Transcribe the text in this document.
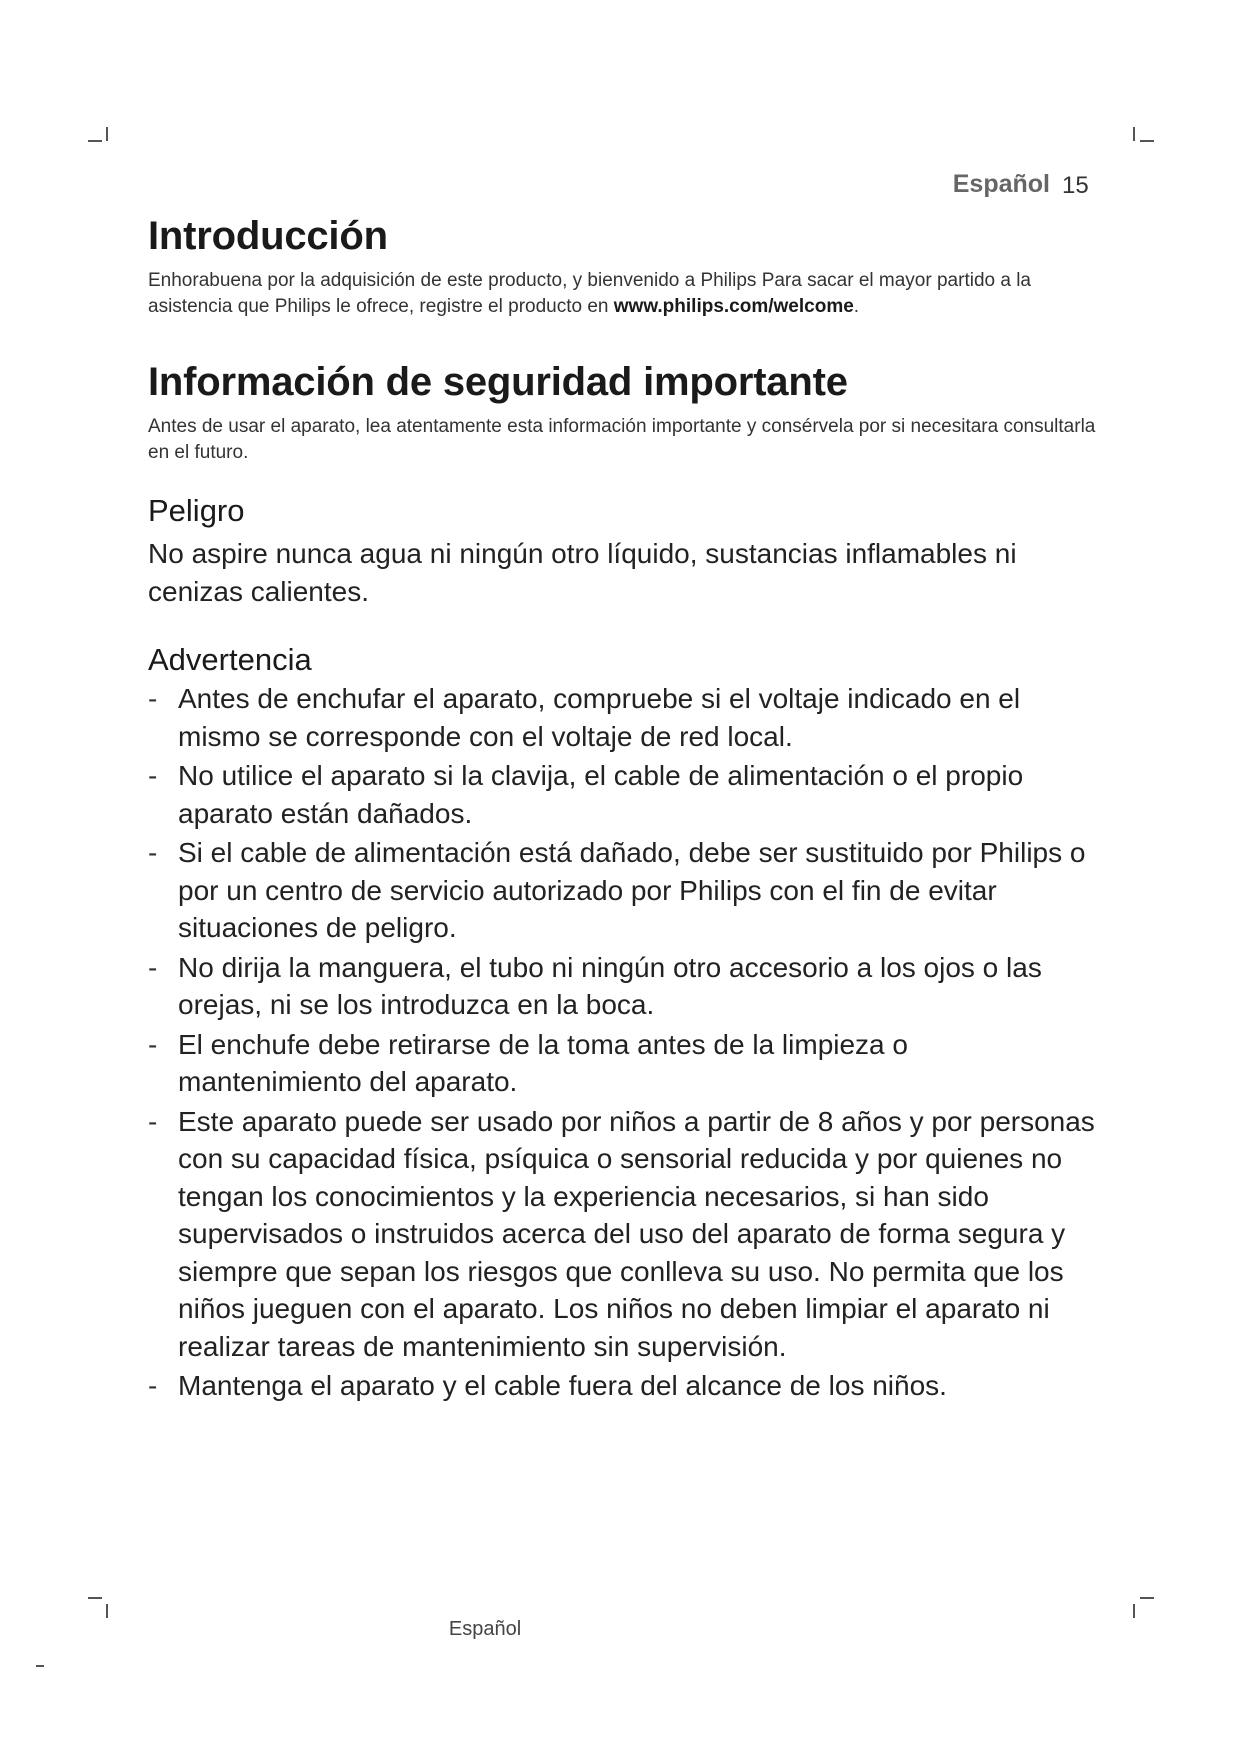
Español 15
Introducción

Enhorabuena por la adquisición de este producto, y bienvenido a Philips Para sacar el mayor partido a la asistencia que Philips le ofrece, registre el producto en www.philips.com/welcome.

Información de seguridad importante

Antes de usar el aparato, lea atentamente esta información importante y consérvela por si necesitara consultarla en el futuro.

Peligro

No aspire nunca agua ni ningún otro líquido, sustancias inflamables ni cenizas calientes.

Advertencia
- Antes de enchufar el aparato, compruebe si el voltaje indicado en el mismo se corresponde con el voltaje de red local.
- No utilice el aparato si la clavija, el cable de alimentación o el propio aparato están dañados.
- Si el cable de alimentación está dañado, debe ser sustituido por Philips o por un centro de servicio autorizado por Philips con el fin de evitar situaciones de peligro.
- No dirija la manguera, el tubo ni ningún otro accesorio a los ojos o las orejas, ni se los introduzca en la boca.
- El enchufe debe retirarse de la toma antes de la limpieza o mantenimiento del aparato.
- Este aparato puede ser usado por niños a partir de 8 años y por personas con su capacidad física, psíquica o sensorial reducida y por quienes no tengan los conocimientos y la experiencia necesarios, si han sido supervisados o instruidos acerca del uso del aparato de forma segura y siempre que sepan los riesgos que conlleva su uso. No permita que los niños jueguen con el aparato. Los niños no deben limpiar el aparato ni realizar tareas de mantenimiento sin supervisión.
- Mantenga el aparato y el cable fuera del alcance de los niños.
Español
